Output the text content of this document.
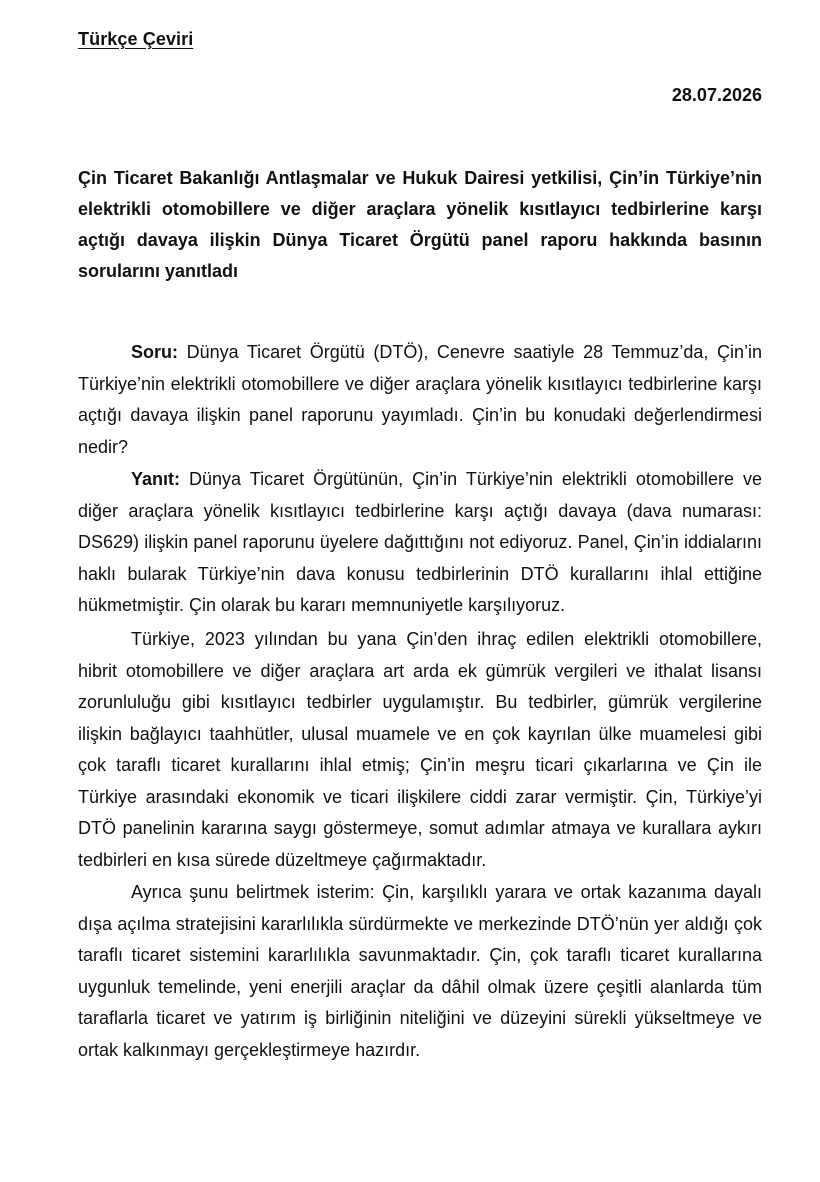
Türkçe Çeviri
28.07.2026
Çin Ticaret Bakanlığı Antlaşmalar ve Hukuk Dairesi yetkilisi, Çin’in Türkiye’nin elektrikli otomobillere ve diğer araçlara yönelik kısıtlayıcı tedbirlerine karşı açtığı davaya ilişkin Dünya Ticaret Örgütü panel raporu hakkında basının sorularını yanıtladı

Soru: Dünya Ticaret Örgütü (DTÖ), Cenevre saatiyle 28 Temmuz’da, Çin’in Türkiye’nin elektrikli otomobillere ve diğer araçlara yönelik kısıtlayıcı tedbirlerine karşı açtığı davaya ilişkin panel raporunu yayımladı. Çin’in bu konudaki değerlendirmesi nedir?

Yanıt: Dünya Ticaret Örgütünün, Çin’in Türkiye’nin elektrikli otomobillere ve diğer araçlara yönelik kısıtlayıcı tedbirlerine karşı açtığı davaya (dava numarası: DS629) ilişkin panel raporunu üyelere dağıttığını not ediyoruz. Panel, Çin’in iddialarını haklı bularak Türkiye’nin dava konusu tedbirlerinin DTÖ kurallarını ihlal ettiğine hükmetmiştir. Çin olarak bu kararı memnuniyetle karşılıyoruz.

Türkiye, 2023 yılından bu yana Çin’den ihraç edilen elektrikli otomobillere, hibrit otomobillere ve diğer araçlara art arda ek gümrük vergileri ve ithalat lisansı zorunluluğu gibi kısıtlayıcı tedbirler uygulamıştır. Bu tedbirler, gümrük vergilerine ilişkin bağlayıcı taahhütler, ulusal muamele ve en çok kayrılan ülke muamelesi gibi çok taraflı ticaret kurallarını ihlal etmiş; Çin’in meşru ticari çıkarlarına ve Çin ile Türkiye arasındaki ekonomik ve ticari ilişkilere ciddi zarar vermiştir. Çin, Türkiye’yi DTÖ panelinin kararına saygı göstermeye, somut adımlar atmaya ve kurallara aykırı tedbirleri en kısa sürede düzeltmeye çağırmaktadır.

Ayrıca şunu belirtmek isterim: Çin, karşılıklı yarara ve ortak kazanıma dayalı dışa açılma stratejisini kararlılıkla sürdürmekte ve merkezinde DTÖ’nün yer aldığı çok taraflı ticaret sistemini kararlılıkla savunmaktadır. Çin, çok taraflı ticaret kurallarına uygunluk temelinde, yeni enerjili araçlar da dâhil olmak üzere çeşitli alanlarda tüm taraflarla ticaret ve yatırım iş birliğinin niteliğini ve düzeyini sürekli yükseltmeye ve ortak kalkınmayı gerçekleştirmeye hazırdır.
